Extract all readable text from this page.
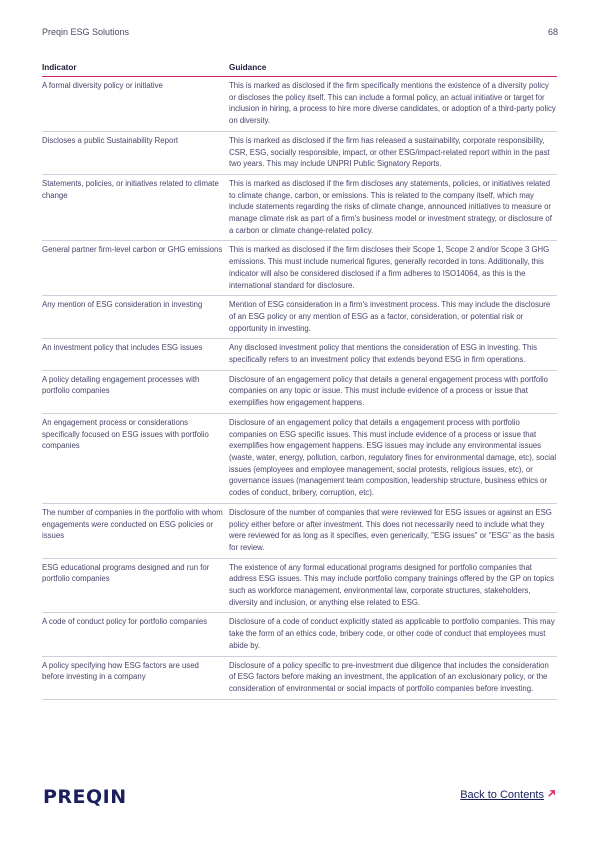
Preqin ESG Solutions	68
Indicator	Guidance
A formal diversity policy or initiative	This is marked as disclosed if the firm specifically mentions the existence of a diversity policy or discloses the policy itself. This can include a formal policy, an actual initiative or target for inclusion in hiring, a process to hire more diverse candidates, or adoption of a third-party policy on diversity.
Discloses a public Sustainability Report	This is marked as disclosed if the firm has released a sustainability, corporate responsibility, CSR, ESG, socially responsible, impact, or other ESG/impact-related report within in the past two years. This may include UNPRI Public Signatory Reports.
Statements, policies, or initiatives related to climate change	This is marked as disclosed if the firm discloses any statements, policies, or initiatives related to climate change, carbon, or emissions. This is related to the company itself, which may include statements regarding the risks of climate change, announced initiatives to measure or manage climate risk as part of a firm's business model or investment strategy, or disclosure of a carbon or climate change-related policy.
General partner firm-level carbon or GHG emissions	This is marked as disclosed if the firm discloses their Scope 1, Scope 2 and/or Scope 3 GHG emissions. This must include numerical figures, generally recorded in tons. Additionally, this indicator will also be considered disclosed if a firm adheres to ISO14064, as this is the international standard for disclosure.
Any mention of ESG consideration in investing	Mention of ESG consideration in a firm's investment process. This may include the disclosure of an ESG policy or any mention of ESG as a factor, consideration, or potential risk or opportunity in investing.
An investment policy that includes ESG issues	Any disclosed investment policy that mentions the consideration of ESG in investing. This specifically refers to an investment policy that extends beyond ESG in firm operations.
A policy detailing engagement processes with portfolio companies	Disclosure of an engagement policy that details a general engagement process with portfolio companies on any topic or issue. This must include evidence of a process or issue that exemplifies how engagement happens.
An engagement process or considerations specifically focused on ESG issues with portfolio companies	Disclosure of an engagement policy that details a engagement process with portfolio companies on ESG specific issues. This must include evidence of a process or issue that exemplifies how engagement happens. ESG issues may include any environmental issues (waste, water, energy, pollution, carbon, regulatory fines for environmental damage, etc), social issues (employees and employee management, social protests, religious issues, etc), or governance issues (management team composition, leadership structure, business ethics or codes of conduct, bribery, corruption, etc).
The number of companies in the portfolio with whom engagements were conducted on ESG policies or issues	Disclosure of the number of companies that were reviewed for ESG issues or against an ESG policy either before or after investment. This does not necessarily need to include what they were reviewed for as long as it specifies, even generically, "ESG issues" or "ESG" as the basis for review.
ESG educational programs designed and run for portfolio companies	The existence of any formal educational programs designed for portfolio companies that address ESG issues. This may include portfolio company trainings offered by the GP on topics such as workforce management, environmental law, corporate structures, stakeholders, diversity and inclusion, or anything else related to ESG.
A code of conduct policy for portfolio companies	Disclosure of a code of conduct explicitly stated as applicable to portfolio companies. This may take the form of an ethics code, bribery code, or other code of conduct that employees must abide by.
A policy specifying how ESG factors are used before investing in a company	Disclosure of a policy specific to pre-investment due diligence that includes the consideration of ESG factors before making an investment, the application of an exclusionary policy, or the consideration of environmental or social impacts of portfolio companies before investing.
PREQIN	Back to Contents
